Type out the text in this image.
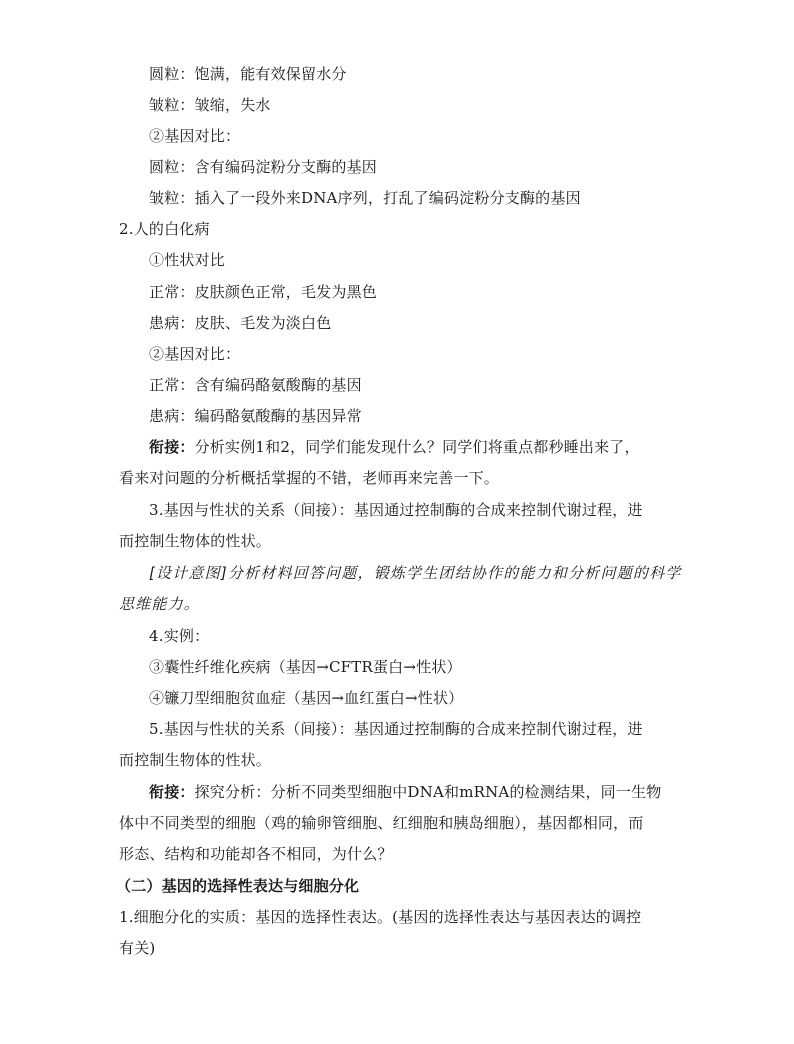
圆粒：饱满，能有效保留水分
皱粒：皱缩，失水
②基因对比：
圆粒：含有编码淀粉分支酶的基因
皱粒：插入了一段外来DNA序列，打乱了编码淀粉分支酶的基因
2.人的白化病
①性状对比
正常：皮肤颜色正常，毛发为黑色
患病：皮肤、毛发为淡白色
②基因对比：
正常：含有编码酪氨酸酶的基因
患病：编码酪氨酸酶的基因异常
衔接：分析实例1和2，同学们能发现什么？同学们将重点都秒睡出来了，
看来对问题的分析概括掌握的不错，老师再来完善一下。
3.基因与性状的关系（间接）：基因通过控制酶的合成来控制代谢过程，进
而控制生物体的性状。
[设计意图]分析材料回答问题，锻炼学生团结协作的能力和分析问题的科学
思维能力。
4.实例：
③囊性纤维化疾病（基因→CFTR蛋白→性状）
④镰刀型细胞贫血症（基因→血红蛋白→性状）
5.基因与性状的关系（间接）：基因通过控制酶的合成来控制代谢过程，进
而控制生物体的性状。
衔接：探究分析：分析不同类型细胞中DNA和mRNA的检测结果，同一生物
体中不同类型的细胞（鸡的输卵管细胞、红细胞和胰岛细胞），基因都相同，而
形态、结构和功能却各不相同，为什么？
（二）基因的选择性表达与细胞分化
1.细胞分化的实质：基因的选择性表达。(基因的选择性表达与基因表达的调控
有关)
